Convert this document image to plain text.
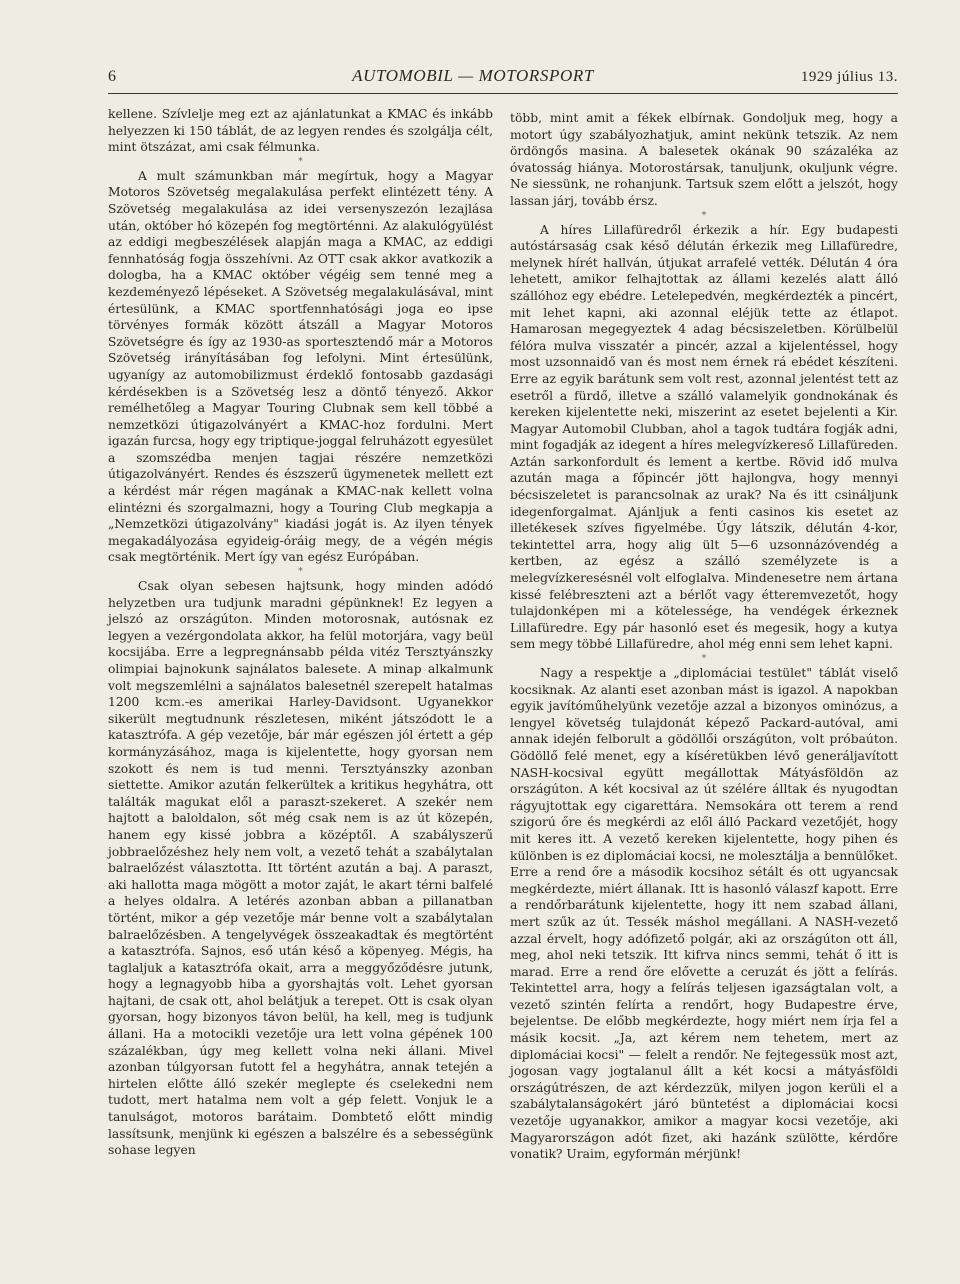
6	AUTOMOBIL — MOTORSPORT	1929 július 13.

kellene. Szívlelje meg ezt az ajánlatunkat a KMAC és inkább helyezzen ki 150 táblát, de az legyen rendes és szolgálja célt, mint ötszázat, ami csak félmunka.

*

A mult számunkban már megírtuk, hogy a Magyar Motoros Szövetség megalakulása perfekt elintézett tény. A Szövetség megalakulása az idei versenyszezón lezajlása után, október hó közepén fog megtörténni. Az alakulógyülést az eddigi megbeszélések alapján maga a KMAC, az eddigi fennhatóság fogja összehívni. Az OTT csak akkor avatkozik a dologba, ha a KMAC október végéig sem tenné meg a kezdeményező lépéseket. A Szövetség megalakulásával, mint értesülünk, a KMAC sportfennhatósági joga eo ipse törvényes formák között átszáll a Magyar Motoros Szövetségre és így az 1930-as sportesztendő már a Motoros Szövetség irányításában fog lefolyni. Mint értesülünk, ugyanígy az automobilizmust érdeklő fontosabb gazdasági kérdésekben is a Szövetség lesz a döntő tényező. Akkor remélhetőleg a Magyar Touring Clubnak sem kell többé a nemzetközi útigazolványért a KMAC-hoz fordulni. Mert igazán furcsa, hogy egy triptique-joggal felruházott egyesület a szomszédba menjen tagjai részére nemzetközi útigazolványért. Rendes és észszerű ügymenetek mellett ezt a kérdést már régen magának a KMAC-nak kellett volna elintézni és szorgalmazni, hogy a Touring Club megkapja a „Nemzetközi útigazolvány" kiadási jogát is. Az ilyen tények megakadályozása egyideig-óráig megy, de a végén mégis csak megtörténik. Mert így van egész Európában.

*

Csak olyan sebesen hajtsunk, hogy minden adódó helyzetben ura tudjunk maradni gépünknek! Ez legyen a jelszó az országúton. Minden motorosnak, autósnak ez legyen a vezérgondolata akkor, ha felül motorjára, vagy beül kocsijába. Erre a legpregnánsabb példa vitéz Tersztyánszky olimpiai bajnokunk sajnálatos balesete. A minap alkalmunk volt megszemlélni a sajnálatos balesetnél szerepelt hatalmas 1200 kcm.-es amerikai Harley-Davidsont. Ugyanekkor sikerült megtudnunk részletesen, miként játszódott le a katasztrófa. A gép vezetője, bár már egészen jól értett a gép kormányzásához, maga is kijelentette, hogy gyorsan nem szokott és nem is tud menni. Tersztyánszky azonban siettette. Amikor azután felkerültek a kritikus hegyhátra, ott találták magukat elől a paraszt-szekeret. A szekér nem hajtott a baloldalon, sőt még csak nem is az út közepén, hanem egy kissé jobbra a középtől. A szabályszerű jobbraelőzéshez hely nem volt, a vezető tehát a szabálytalan balraelőzést választotta. Itt történt azután a baj. A paraszt, aki hallotta maga mögött a motor zaját, le akart térni balfelé a helyes oldalra. A letérés azonban abban a pillanatban történt, mikor a gép vezetője már benne volt a szabálytalan balraelőzésben. A tengelyvégek összeakadtak és megtörtént a katasztrófa. Sajnos, eső után késő a köpenyeg. Mégis, ha taglaljuk a katasztrófa okait, arra a meggyőződésre jutunk, hogy a legnagyobb hiba a gyorshajtás volt. Lehet gyorsan hajtani, de csak ott, ahol belátjuk a terepet. Ott is csak olyan gyorsan, hogy bizonyos távon belül, ha kell, meg is tudjunk állani. Ha a motocikli vezetője ura lett volna gépének 100 százalékban, úgy meg kellett volna neki állani. Mivel azonban túlgyorsan futott fel a hegyhátra, annak tetején a hirtelen előtte álló szekér meglepte és cselekedni nem tudott, mert hatalma nem volt a gép felett. Vonjuk le a tanulságot, motoros barátaim. Dombtető előtt mindig lassítsunk, menjünk ki egészen a balszélre és a sebességünk sohase legyen

több, mint amit a fékek elbírnak. Gondoljuk meg, hogy a motort úgy szabályozhatjuk, amint nekünk tetszik. Az nem ördöngős masina. A balesetek okának 90 százaléka az óvatosság hiánya. Motorostársak, tanuljunk, okuljunk végre. Ne siessünk, ne rohanjunk. Tartsuk szem előtt a jelszót, hogy lassan járj, tovább érsz.

*

A híres Lillafüredről érkezik a hír. Egy budapesti autóstársaság csak késő délután érkezik meg Lillafüredre, melynek hírét hallván, útjukat arrafelé vették. Délután 4 óra lehetett, amikor felhajtottak az állami kezelés alatt álló szállóhoz egy ebédre. Letelepedvén, megkérdezték a pincért, mit lehet kapni, aki azonnal eléjük tette az étlapot. Hamarosan megegyeztek 4 adag bécsiszeletben. Körülbelül félóra mulva visszatér a pincér, azzal a kijelentéssel, hogy most uzsonnaidő van és most nem érnek rá ebédet készíteni. Erre az egyik barátunk sem volt rest, azonnal jelentést tett az esetről a fürdő, illetve a szálló valamelyik gondnokának és kereken kijelentette neki, miszerint az esetet bejelenti a Kir. Magyar Automobil Clubban, ahol a tagok tudtára fogják adni, mint fogadják az idegent a híres melegvízkereső Lillafüreden. Aztán sarkonfordult és lement a kertbe. Rövid idő mulva azután maga a főpincér jött hajlongva, hogy mennyi bécsiszeletet is parancsolnak az urak? Na és itt csináljunk idegenforgalmat. Ajánljuk a fenti casinos kis esetet az illetékesek szíves figyelmébe. Úgy látszik, délután 4-kor, tekintettel arra, hogy alig ült 5—6 uzsonnázóvendég a kertben, az egész a szálló személyzete is a melegvízkeresésnél volt elfoglalva. Mindenesetre nem ártana kissé felébreszteni azt a bérlőt vagy étteremvezetőt, hogy tulajdonképen mi a kötelessége, ha vendégek érkeznek Lillafüredre. Egy pár hasonló eset és megesik, hogy a kutya sem megy többé Lillafüredre, ahol még enni sem lehet kapni.

*

Nagy a respektje a „diplomáciai testület" táblát viselő kocsiknak. Az alanti eset azonban mást is igazol. A napokban egyik javítóműhelyünk vezetője azzal a bizonyos ominózus, a lengyel követség tulajdonát képező Packard-autóval, ami annak idején felborult a gödöllői országúton, volt próbaúton. Gödöllő felé menet, egy a kíséretükben lévő generáljavított NASH-kocsival együtt megállottak Mátyásföldön az országúton. A két kocsival az út szélére álltak és nyugodtan rágyujtottak egy cigarettára. Nemsokára ott terem a rend szigorú őre és megkérdi az elől álló Packard vezetőjét, hogy mit keres itt. A vezető kereken kijelentette, hogy pihen és különben is ez diplomáciai kocsi, ne molesztálja a bennülőket. Erre a rend őre a második kocsihoz sétált és ott ugyancsak megkérdezte, miért állanak. Itt is hasonló válaszf kapott. Erre a rendőrbarátunk kijelentette, hogy itt nem szabad állani, mert szűk az út. Tessék máshol megállani. A NASH-vezető azzal érvelt, hogy adófizető polgár, aki az országúton ott áll, meg, ahol neki tetszik. Itt kifrva nincs semmi, tehát ő itt is marad. Erre a rend őre elővette a ceruzát és jött a felírás. Tekintettel arra, hogy a felírás teljesen igazságtalan volt, a vezető szintén felírta a rendőrt, hogy Budapestre érve, bejelentse. De előbb megkérdezte, hogy miért nem írja fel a másik kocsit. „Ja, azt kérem nem tehetem, mert az diplomáciai kocsi" — felelt a rendőr. Ne fejtegessük most azt, jogosan vagy jogtalanul állt a két kocsi a mátyásföldi országútrészen, de azt kérdezzük, milyen jogon kerüli el a szabálytalanságokért járó büntetést a diplomáciai kocsi vezetője ugyanakkor, amikor a magyar kocsi vezetője, aki Magyarországon adót fizet, aki hazánk szülötte, kérdőre vonatik? Uraim, egyformán mérjünk!
